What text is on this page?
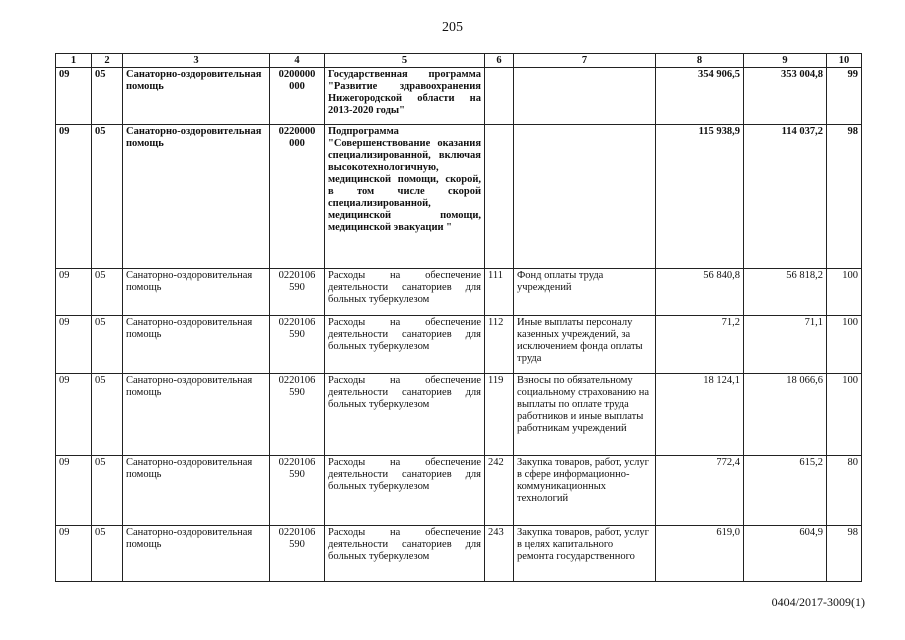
205
1	2	3	4	5	6	7	8	9	10
09	05	Санаторно-оздоровительная помощь	0200000 000	Государственная программа "Развитие здравоохранения Нижегородской области на 2013-2020 годы"			354 906,5	353 004,8	99
09	05	Санаторно-оздоровительная помощь	0220000 000	Подпрограмма "Совершенствование оказания специализированной, включая высокотехнологичную, медицинской помощи, скорой, в том числе скорой специализированной, медицинской помощи, медицинской эвакуации "			115 938,9	114 037,2	98
09	05	Санаторно-оздоровительная помощь	0220106 590	Расходы на обеспечение деятельности санаториев для больных туберкулезом	111	Фонд оплаты труда учреждений	56 840,8	56 818,2	100
09	05	Санаторно-оздоровительная помощь	0220106 590	Расходы на обеспечение деятельности санаториев для больных туберкулезом	112	Иные выплаты персоналу казенных учреждений, за исключением фонда оплаты труда	71,2	71,1	100
09	05	Санаторно-оздоровительная помощь	0220106 590	Расходы на обеспечение деятельности санаториев для больных туберкулезом	119	Взносы по обязательному социальному страхованию на выплаты по оплате труда работников и иные выплаты работникам учреждений	18 124,1	18 066,6	100
09	05	Санаторно-оздоровительная помощь	0220106 590	Расходы на обеспечение деятельности санаториев для больных туберкулезом	242	Закупка товаров, работ, услуг в сфере информационно-коммуникационных технологий	772,4	615,2	80
09	05	Санаторно-оздоровительная помощь	0220106 590	Расходы на обеспечение деятельности санаториев для больных туберкулезом	243	Закупка товаров, работ, услуг в целях капитального ремонта государственного	619,0	604,9	98
0404/2017-3009(1)
